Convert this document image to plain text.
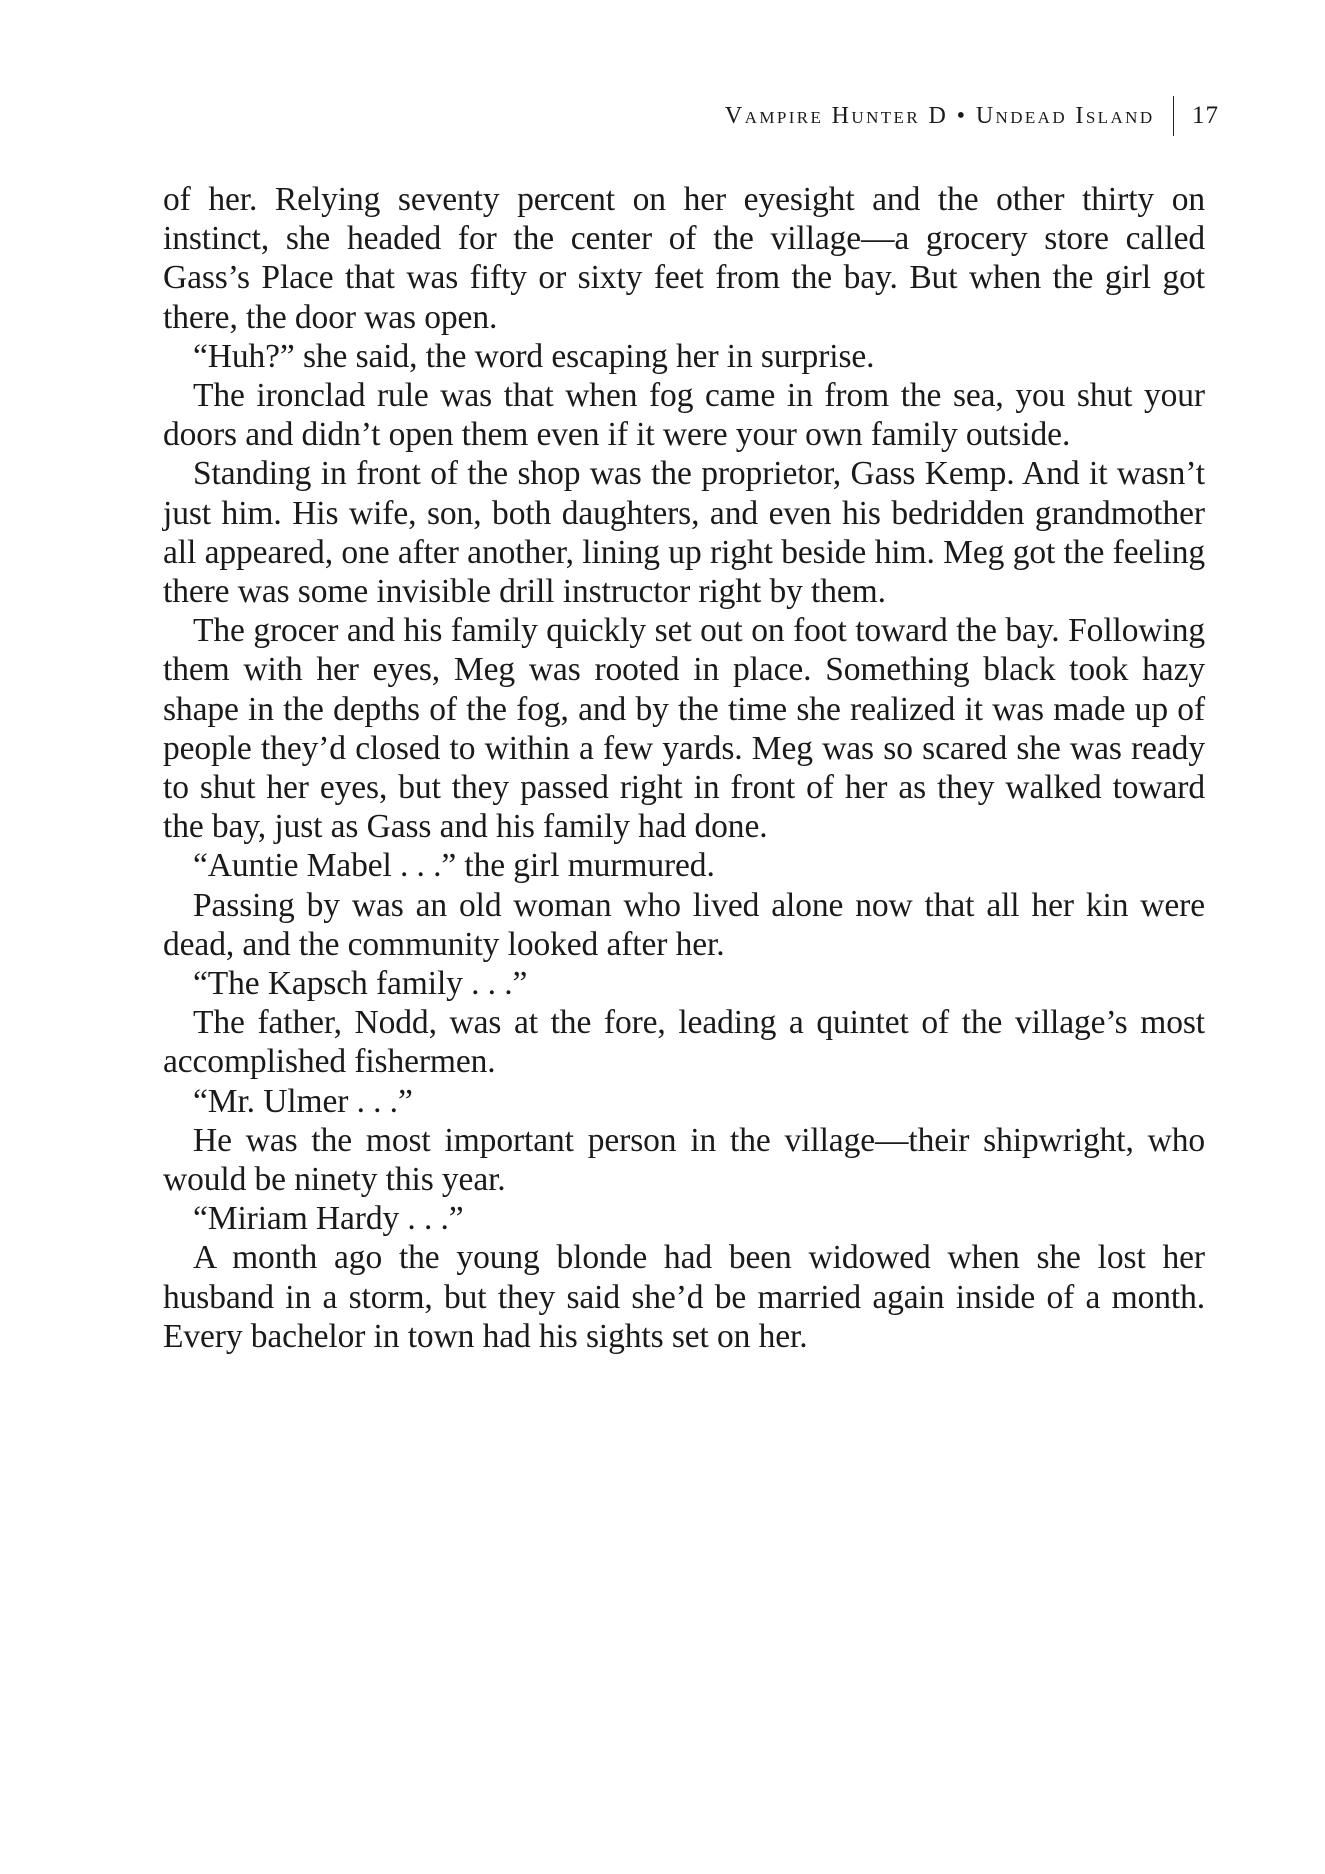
Vampire Hunter D • Undead Island	17

of her. Relying seventy percent on her eyesight and the other thirty on instinct, she headed for the center of the village—a grocery store called Gass’s Place that was fifty or sixty feet from the bay. But when the girl got there, the door was open.

“Huh?” she said, the word escaping her in surprise.

The ironclad rule was that when fog came in from the sea, you shut your doors and didn’t open them even if it were your own family outside.

Standing in front of the shop was the proprietor, Gass Kemp. And it wasn’t just him. His wife, son, both daughters, and even his bedridden grandmother all appeared, one after another, lining up right beside him. Meg got the feeling there was some invisible drill instructor right by them.

The grocer and his family quickly set out on foot toward the bay. Following them with her eyes, Meg was rooted in place. Something black took hazy shape in the depths of the fog, and by the time she realized it was made up of people they’d closed to within a few yards. Meg was so scared she was ready to shut her eyes, but they passed right in front of her as they walked toward the bay, just as Gass and his family had done.

“Auntie Mabel . . .” the girl murmured.

Passing by was an old woman who lived alone now that all her kin were dead, and the community looked after her.

“The Kapsch family . . .”

The father, Nodd, was at the fore, leading a quintet of the village’s most accomplished fishermen.

“Mr. Ulmer . . .”

He was the most important person in the village—their shipwright, who would be ninety this year.

“Miriam Hardy . . .”

A month ago the young blonde had been widowed when she lost her husband in a storm, but they said she’d be married again inside of a month. Every bachelor in town had his sights set on her.
